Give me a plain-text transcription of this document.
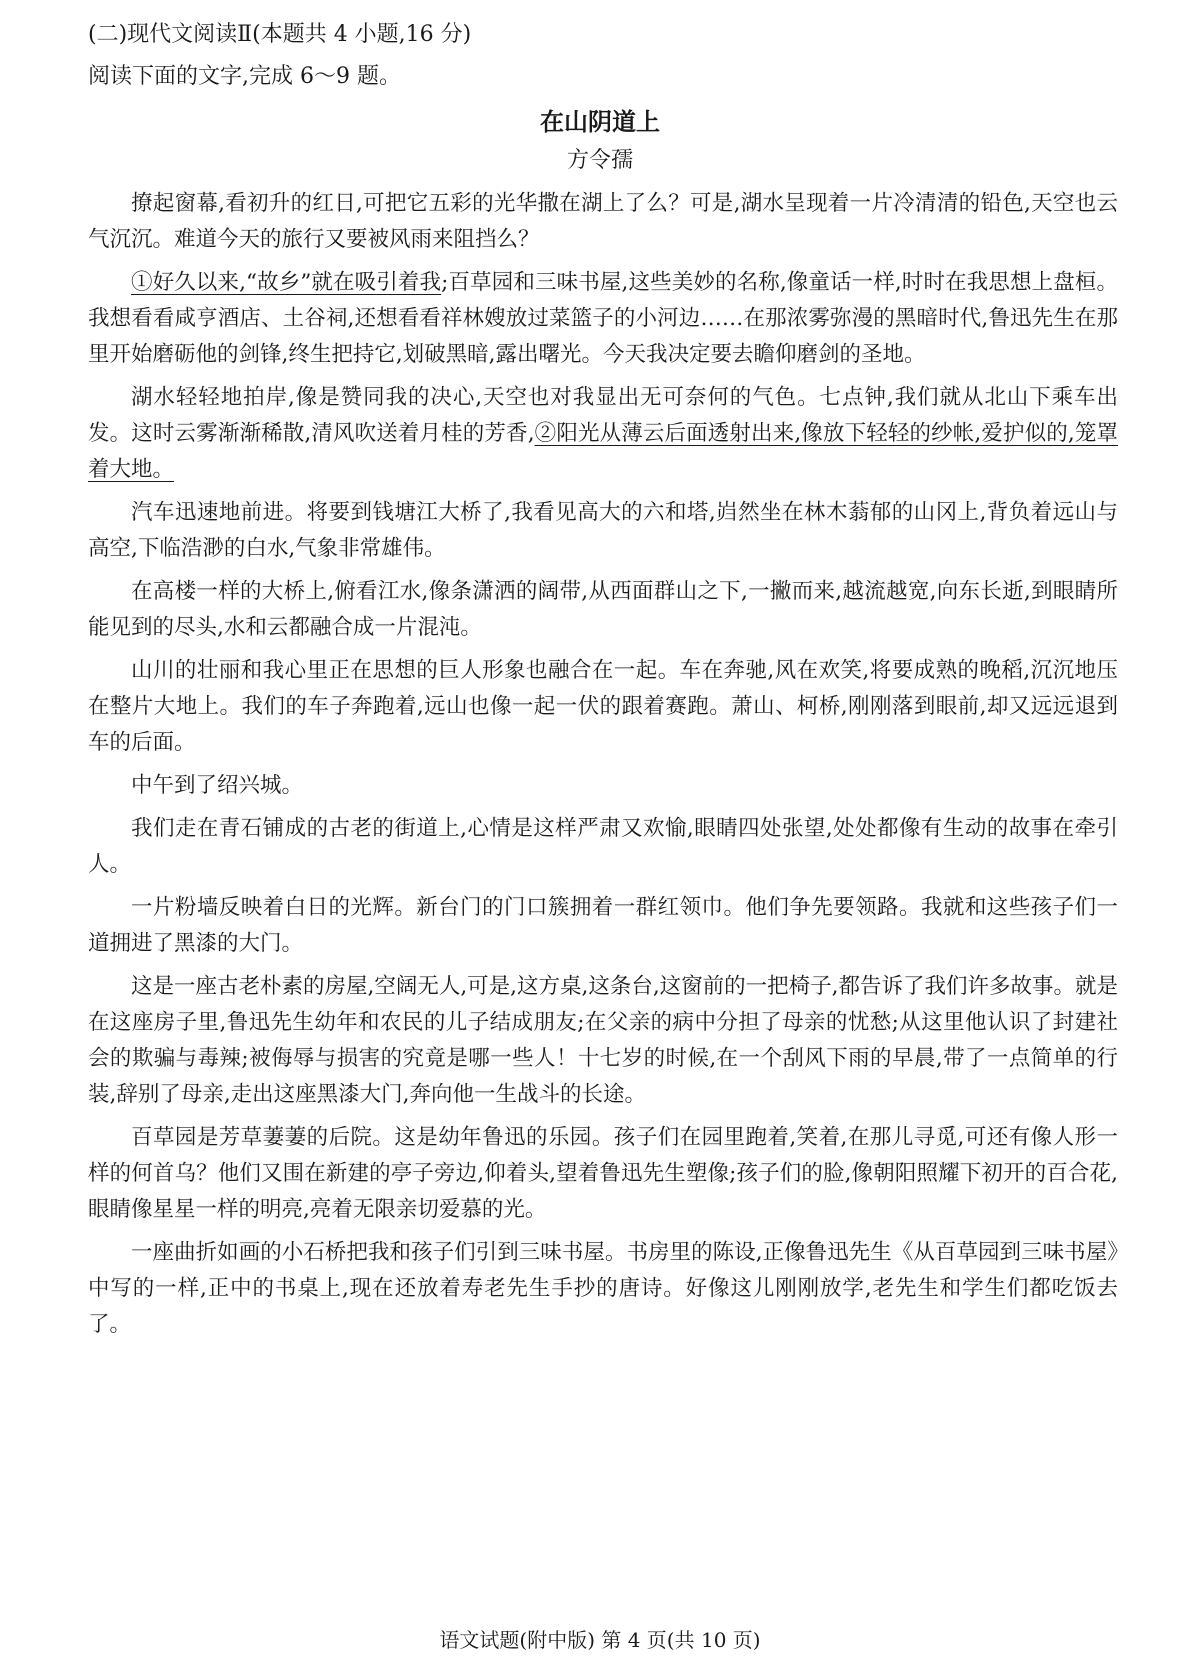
(二)现代文阅读Ⅱ(本题共 4 小题,16 分)
阅读下面的文字,完成 6～9 题。
在山阴道上
方令孺

撩起窗幕,看初升的红日,可把它五彩的光华撒在湖上了么？可是,湖水呈现着一片冷清清的铅色,天空也云气沉沉。难道今天的旅行又要被风雨来阻挡么？

①好久以来,“故乡”就在吸引着我;百草园和三味书屋,这些美妙的名称,像童话一样,时时在我思想上盘桓。我想看看咸亨酒店、土谷祠,还想看看祥林嫂放过菜篮子的小河边……在那浓雾弥漫的黑暗时代,鲁迅先生在那里开始磨砺他的剑锋,终生把持它,划破黑暗,露出曙光。今天我决定要去瞻仰磨剑的圣地。

湖水轻轻地拍岸,像是赞同我的决心,天空也对我显出无可奈何的气色。七点钟,我们就从北山下乘车出发。这时云雾渐渐稀散,清风吹送着月桂的芳香,②阳光从薄云后面透射出来,像放下轻轻的纱帐,爱护似的,笼罩着大地。

汽车迅速地前进。将要到钱塘江大桥了,我看见高大的六和塔,岿然坐在林木蓊郁的山冈上,背负着远山与高空,下临浩渺的白水,气象非常雄伟。

在高楼一样的大桥上,俯看江水,像条潇洒的阔带,从西面群山之下,一撇而来,越流越宽,向东长逝,到眼睛所能见到的尽头,水和云都融合成一片混沌。

山川的壮丽和我心里正在思想的巨人形象也融合在一起。车在奔驰,风在欢笑,将要成熟的晚稻,沉沉地压在整片大地上。我们的车子奔跑着,远山也像一起一伏的跟着赛跑。萧山、柯桥,刚刚落到眼前,却又远远退到车的后面。

中午到了绍兴城。

我们走在青石铺成的古老的街道上,心情是这样严肃又欢愉,眼睛四处张望,处处都像有生动的故事在牵引人。

一片粉墙反映着白日的光辉。新台门的门口簇拥着一群红领巾。他们争先要领路。我就和这些孩子们一道拥进了黑漆的大门。

这是一座古老朴素的房屋,空阔无人,可是,这方桌,这条台,这窗前的一把椅子,都告诉了我们许多故事。就是在这座房子里,鲁迅先生幼年和农民的儿子结成朋友;在父亲的病中分担了母亲的忧愁;从这里他认识了封建社会的欺骗与毒辣;被侮辱与损害的究竟是哪一些人！十七岁的时候,在一个刮风下雨的早晨,带了一点简单的行装,辞别了母亲,走出这座黑漆大门,奔向他一生战斗的长途。

百草园是芳草萋萋的后院。这是幼年鲁迅的乐园。孩子们在园里跑着,笑着,在那儿寻觅,可还有像人形一样的何首乌？他们又围在新建的亭子旁边,仰着头,望着鲁迅先生塑像;孩子们的脸,像朝阳照耀下初开的百合花,眼睛像星星一样的明亮,亮着无限亲切爱慕的光。

一座曲折如画的小石桥把我和孩子们引到三味书屋。书房里的陈设,正像鲁迅先生《从百草园到三味书屋》中写的一样,正中的书桌上,现在还放着寿老先生手抄的唐诗。好像这儿刚刚放学,老先生和学生们都吃饭去了。

语文试题(附中版) 第 4 页(共 10 页)
